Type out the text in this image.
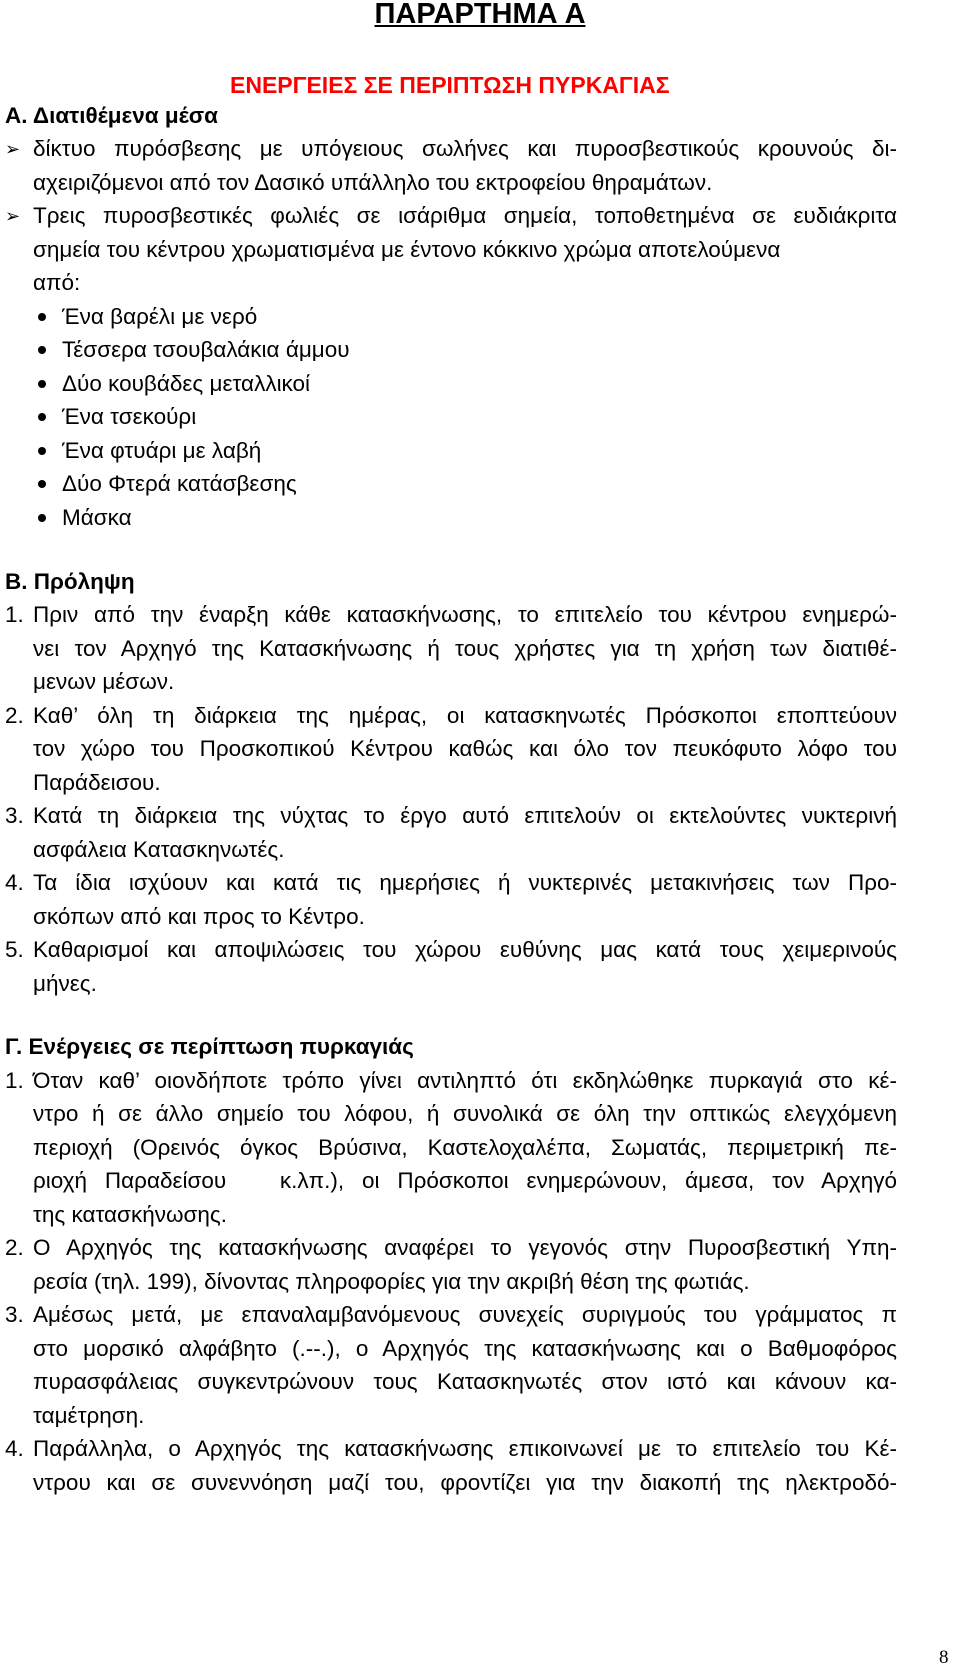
ΠΑΡΑΡΤΗΜΑ Α
ΕΝΕΡΓΕΙΕΣ ΣΕ ΠΕΡΙΠΤΩΣΗ ΠΥΡΚΑΓΙΑΣ
Α. Διατιθέμενα μέσα
➢ δίκτυο πυρόσβεσης με υπόγειους σωλήνες και πυροσβεστικούς κρουνούς δι-
αχειριζόμενοι από τον Δασικό υπάλληλο του εκτροφείου θηραμάτων.
➢ Τρεις πυροσβεστικές φωλιές σε ισάριθμα σημεία, τοποθετημένα σε ευδιάκριτα
σημεία του κέντρου χρωματισμένα με έντονο κόκκινο χρώμα αποτελούμενα
από:
Ένα βαρέλι με νερό
Τέσσερα τσουβαλάκια άμμου
Δύο κουβάδες μεταλλικοί
Ένα τσεκούρι
Ένα φτυάρι με λαβή
Δύο Φτερά κατάσβεσης
Μάσκα
Β. Πρόληψη
1. Πριν από την έναρξη κάθε κατασκήνωσης, το επιτελείο του κέντρου ενημερώ-
νει τον Αρχηγό της Κατασκήνωσης ή τους χρήστες για τη χρήση των διατιθέ-
μενων μέσων.
2. Καθ’ όλη τη διάρκεια της ημέρας, οι κατασκηνωτές Πρόσκοποι εποπτεύουν
τον χώρο του Προσκοπικού Κέντρου καθώς και όλο τον πευκόφυτο λόφο του
Παράδεισου.
3. Κατά τη διάρκεια της νύχτας το έργο αυτό επιτελούν οι εκτελούντες νυκτερινή
ασφάλεια Κατασκηνωτές.
4. Τα ίδια ισχύουν και κατά τις ημερήσιες ή νυκτερινές μετακινήσεις των Προ-
σκόπων από και προς το Κέντρο.
5. Καθαρισμοί και αποψιλώσεις του χώρου ευθύνης μας κατά τους χειμερινούς
μήνες.
Γ. Ενέργειες σε περίπτωση πυρκαγιάς
1. Όταν καθ’ οιονδήποτε τρόπο γίνει αντιληπτό ότι εκδηλώθηκε πυρκαγιά στο κέ-
ντρο ή σε άλλο σημείο του λόφου, ή συνολικά σε όλη την οπτικώς ελεγχόμενη
περιοχή (Ορεινός όγκος Βρύσινα, Καστελοχαλέπα, Σωματάς, περιμετρική πε-
ριοχή Παραδείσου   κ.λπ.), οι Πρόσκοποι ενημερώνουν, άμεσα, τον Αρχηγό
της κατασκήνωσης.
2. Ο Αρχηγός της κατασκήνωσης αναφέρει το γεγονός στην Πυροσβεστική Υπη-
ρεσία (τηλ. 199), δίνοντας πληροφορίες για την ακριβή θέση της φωτιάς.
3. Αμέσως μετά, με επαναλαμβανόμενους συνεχείς συριγμούς του γράμματος π
στο μορσικό αλφάβητο (.--.), ο Αρχηγός της κατασκήνωσης και ο Βαθμοφόρος
πυρασφάλειας συγκεντρώνουν τους Κατασκηνωτές στον ιστό και κάνουν κα-
ταμέτρηση.
4. Παράλληλα, ο Αρχηγός της κατασκήνωσης επικοινωνεί με το επιτελείο του Κέ-
ντρου και σε συνεννόηση μαζί του, φροντίζει για την διακοπή της ηλεκτροδό-
8
